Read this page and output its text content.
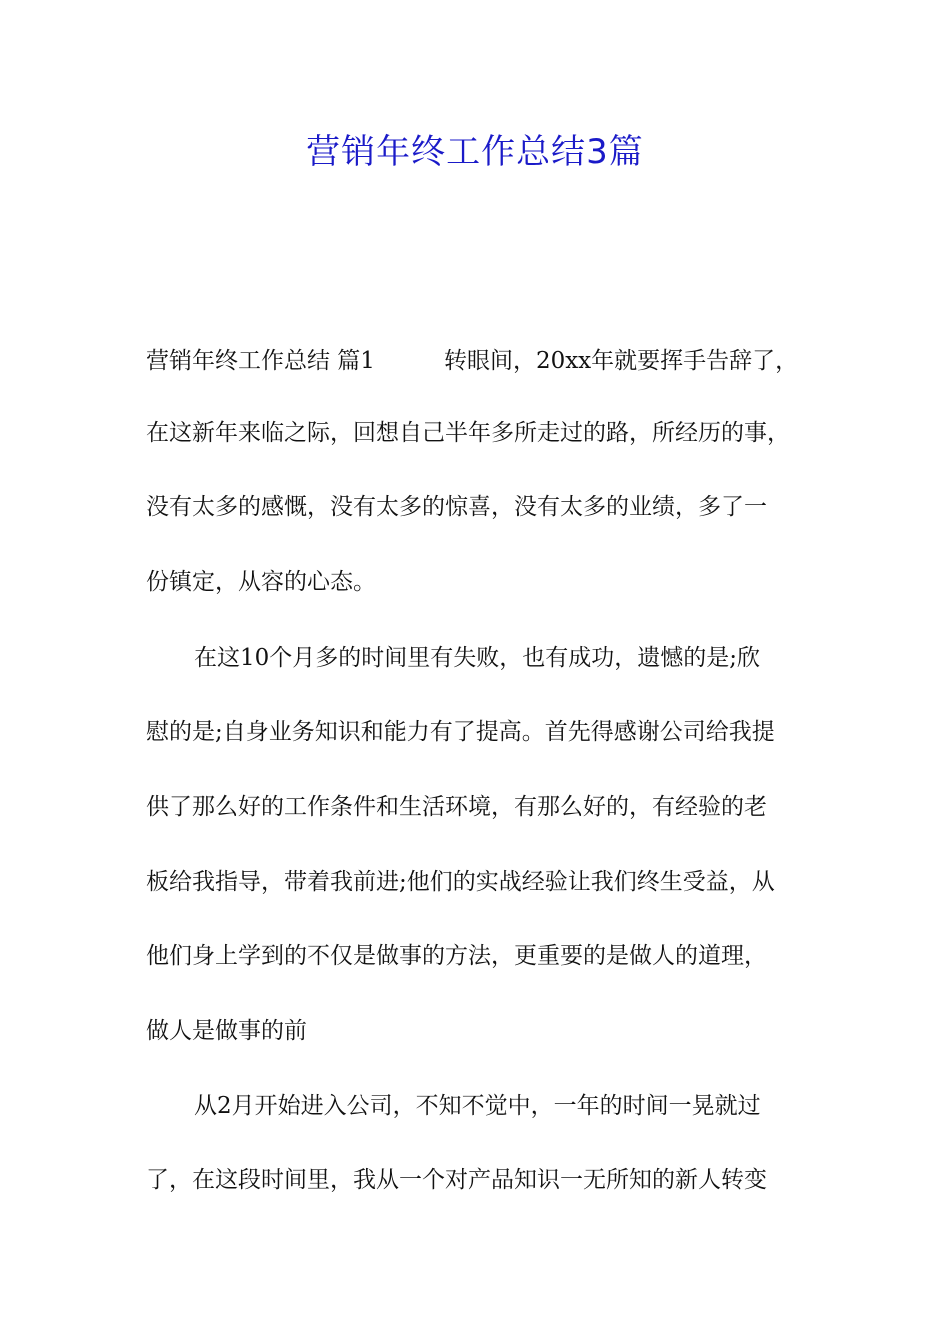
营销年终工作总结3篇
营销年终工作总结 篇1　　　转眼间，20xx年就要挥手告辞了，
在这新年来临之际，回想自己半年多所走过的路，所经历的事，
没有太多的感慨，没有太多的惊喜，没有太多的业绩，多了一
份镇定，从容的心态。
在这10个月多的时间里有失败，也有成功，遗憾的是;欣
慰的是;自身业务知识和能力有了提高。首先得感谢公司给我提
供了那么好的工作条件和生活环境，有那么好的，有经验的老
板给我指导，带着我前进;他们的实战经验让我们终生受益，从
他们身上学到的不仅是做事的方法，更重要的是做人的道理，
做人是做事的前
从2月开始进入公司，不知不觉中，一年的时间一晃就过
了，在这段时间里，我从一个对产品知识一无所知的新人转变
